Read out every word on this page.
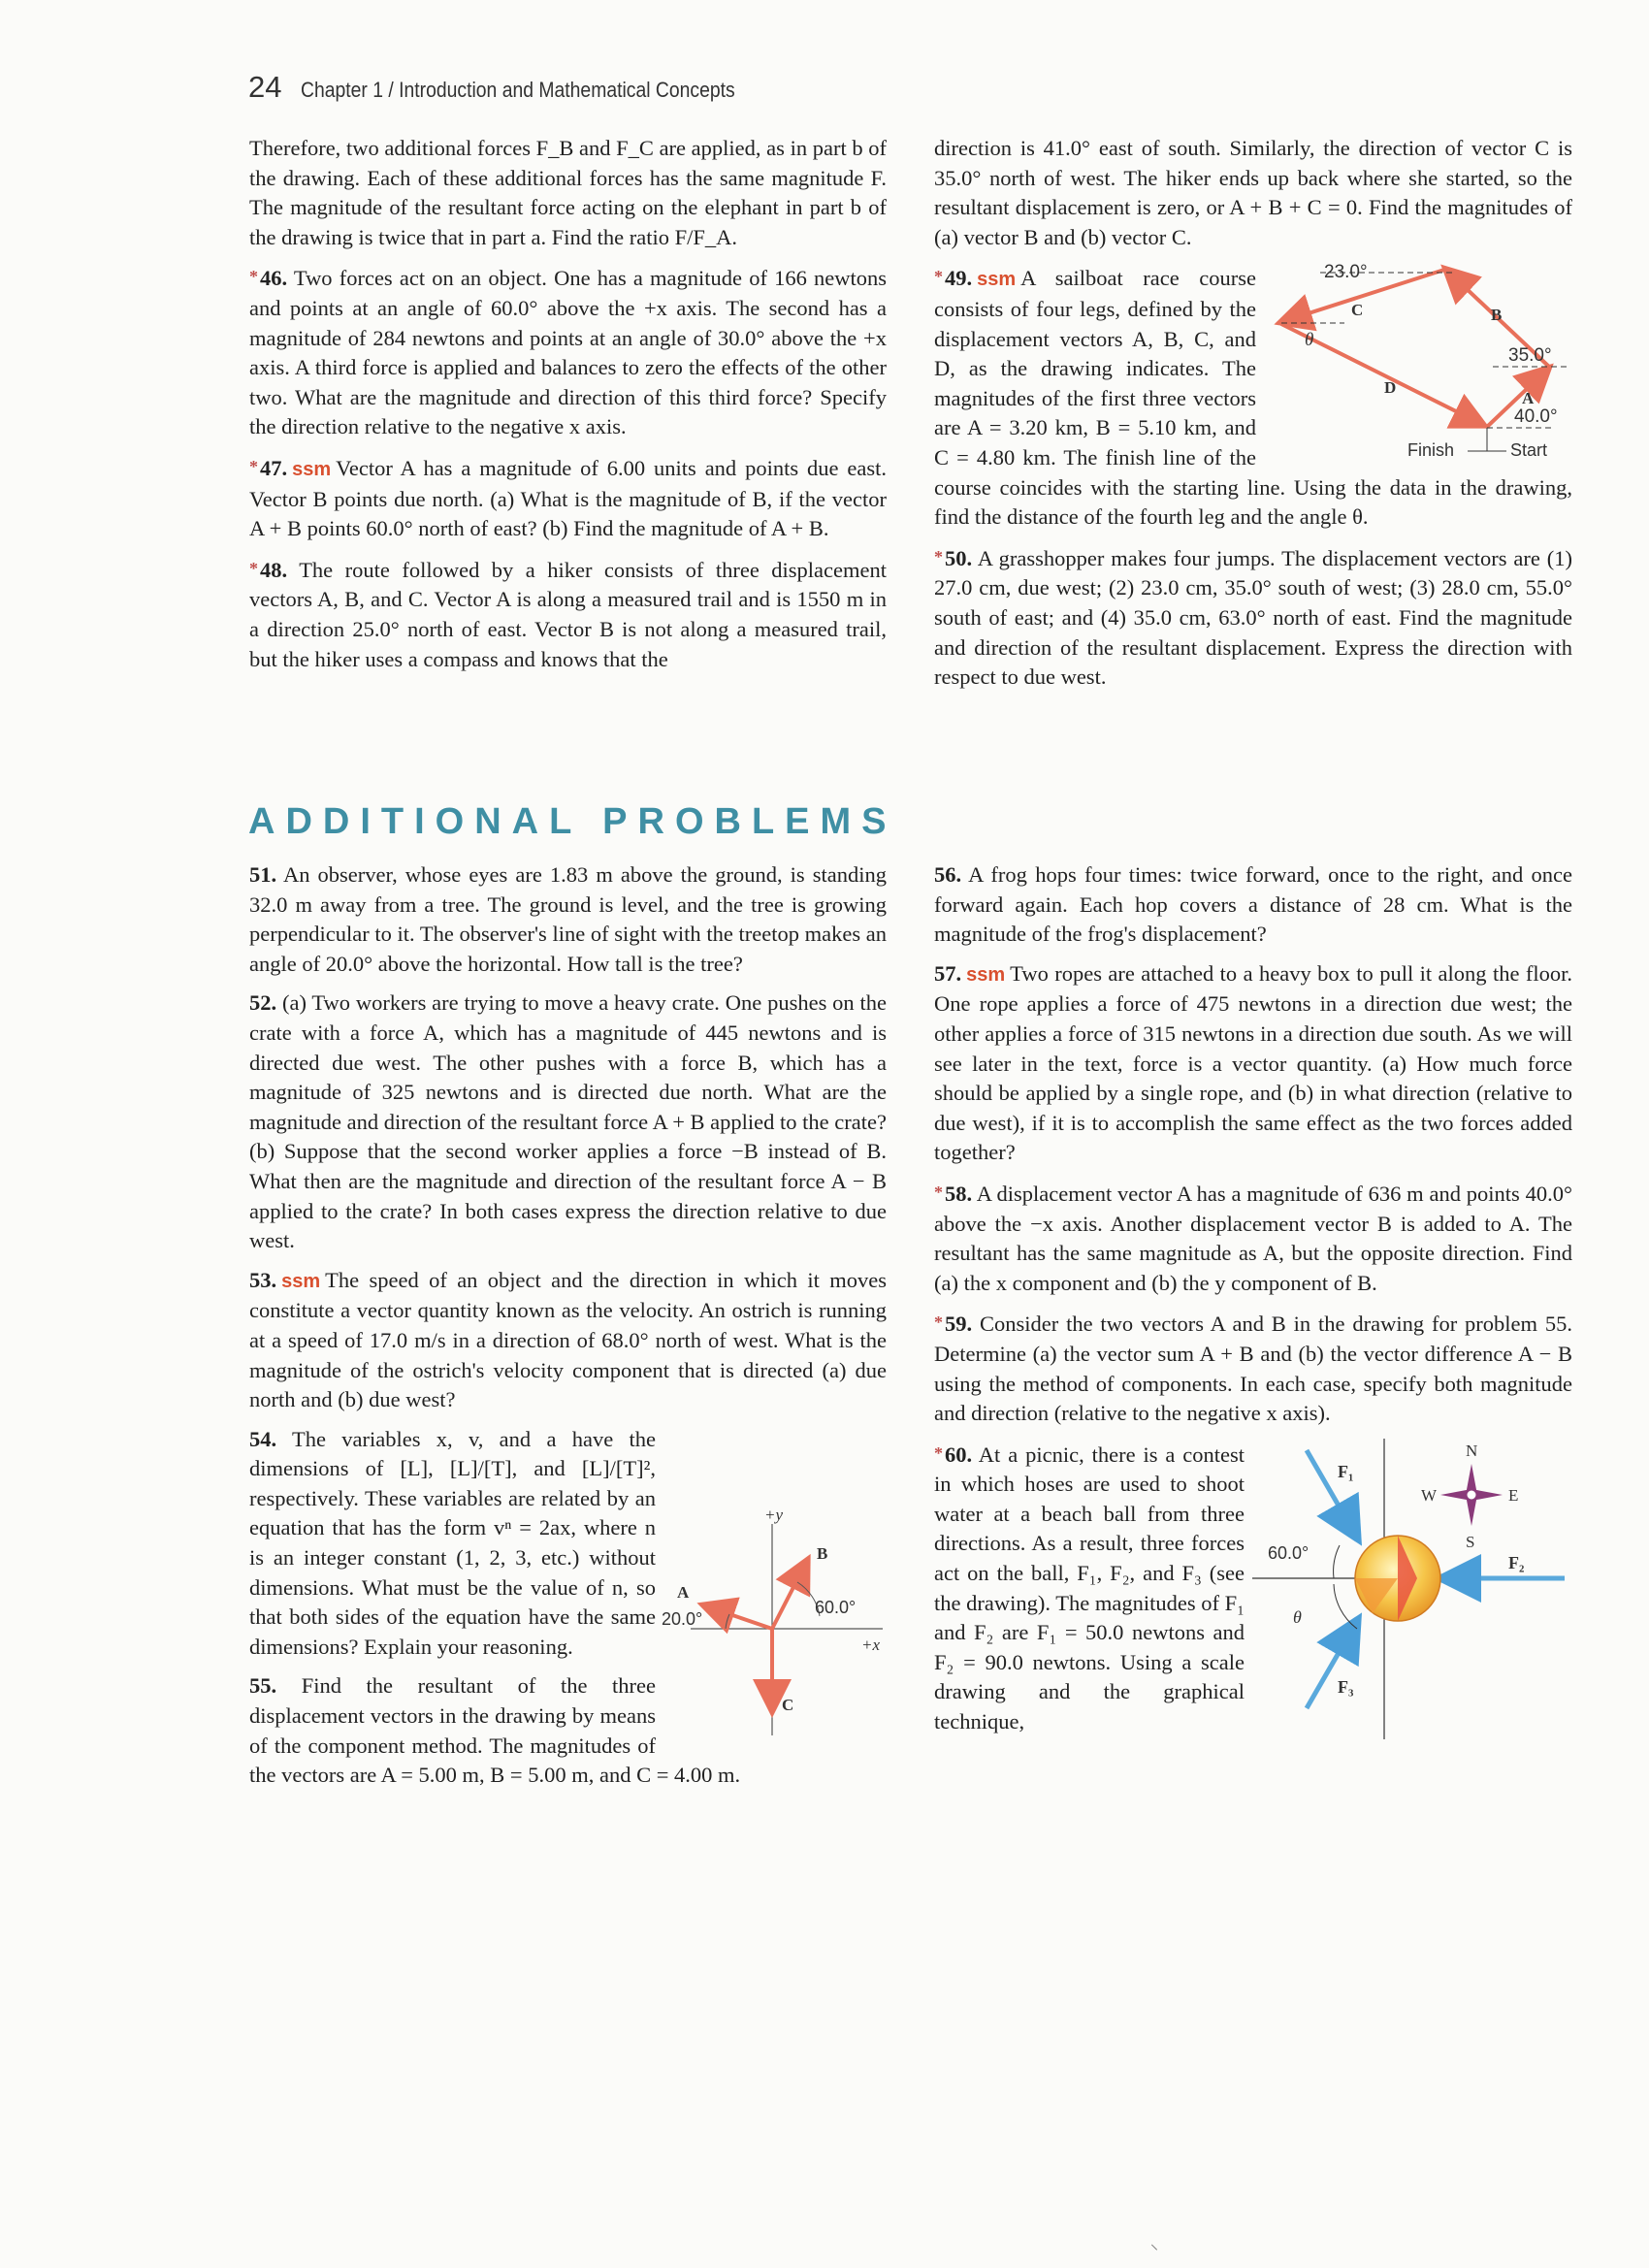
24 Chapter 1 / Introduction and Mathematical Concepts

Therefore, two additional forces F_B and F_C are applied, as in part b of the drawing. Each of these additional forces has the same magnitude F. The magnitude of the resultant force acting on the elephant in part b of the drawing is twice that in part a. Find the ratio F/F_A.

*46. Two forces act on an object. One has a magnitude of 166 newtons and points at an angle of 60.0° above the +x axis. The second has a magnitude of 284 newtons and points at an angle of 30.0° above the +x axis. A third force is applied and balances to zero the effects of the other two. What are the magnitude and direction of this third force? Specify the direction relative to the negative x axis.

*47. ssm Vector A has a magnitude of 6.00 units and points due east. Vector B points due north. (a) What is the magnitude of B, if the vector A + B points 60.0° north of east? (b) Find the magnitude of A + B.

*48. The route followed by a hiker consists of three displacement vectors A, B, and C. Vector A is along a measured trail and is 1550 m in a direction 25.0° north of east. Vector B is not along a measured trail, but the hiker uses a compass and knows that the

direction is 41.0° east of south. Similarly, the direction of vector C is 35.0° north of west. The hiker ends up back where she started, so the resultant displacement is zero, or A + B + C = 0. Find the magnitudes of (a) vector B and (b) vector C.

23.0°
35.0°
40.0°
θ
A
B
C
D
Finish	Start
*49. ssm A sailboat race course consists of four legs, defined by the displacement vectors A, B, C, and D, as the drawing indicates. The magnitudes of the first three vectors are A = 3.20 km, B = 5.10 km, and C = 4.80 km. The finish line of the course coincides with the starting line. Using the data in the drawing, find the distance of the fourth leg and the angle θ.

*50. A grasshopper makes four jumps. The displacement vectors are (1) 27.0 cm, due west; (2) 23.0 cm, 35.0° south of west; (3) 28.0 cm, 55.0° south of east; and (4) 35.0 cm, 63.0° north of east. Find the magnitude and direction of the resultant displacement. Express the direction with respect to due west.

ADDITIONAL PROBLEMS

51. An observer, whose eyes are 1.83 m above the ground, is standing 32.0 m away from a tree. The ground is level, and the tree is growing perpendicular to it. The observer's line of sight with the treetop makes an angle of 20.0° above the horizontal. How tall is the tree?

52. (a) Two workers are trying to move a heavy crate. One pushes on the crate with a force A, which has a magnitude of 445 newtons and is directed due west. The other pushes with a force B, which has a magnitude of 325 newtons and is directed due north. What are the magnitude and direction of the resultant force A + B applied to the crate? (b) Suppose that the second worker applies a force −B instead of B. What then are the magnitude and direction of the resultant force A − B applied to the crate? In both cases express the direction relative to due west.

53. ssm The speed of an object and the direction in which it moves constitute a vector quantity known as the velocity. An ostrich is running at a speed of 17.0 m/s in a direction of 68.0° north of west. What is the magnitude of the ostrich's velocity component that is directed (a) due north and (b) due west?

+y
+x
A
B
C
20.0°
60.0°

54. The variables x, v, and a have the dimensions of [L], [L]/[T], and [L]/[T]², respectively. These variables are related by an equation that has the form vⁿ = 2ax, where n is an integer constant (1, 2, 3, etc.) without dimensions. What must be the value of n, so that both sides of the equation have the same dimensions? Explain your reasoning.

55. Find the resultant of the three displacement vectors in the drawing by means of the component method. The magnitudes of the vectors are A = 5.00 m, B = 5.00 m, and C = 4.00 m.

56. A frog hops four times: twice forward, once to the right, and once forward again. Each hop covers a distance of 28 cm. What is the magnitude of the frog's displacement?

57. ssm Two ropes are attached to a heavy box to pull it along the floor. One rope applies a force of 475 newtons in a direction due west; the other applies a force of 315 newtons in a direction due south. As we will see later in the text, force is a vector quantity. (a) How much force should be applied by a single rope, and (b) in what direction (relative to due west), if it is to accomplish the same effect as the two forces added together?

*58. A displacement vector A has a magnitude of 636 m and points 40.0° above the −x axis. Another displacement vector B is added to A. The resultant has the same magnitude as A, but the opposite direction. Find (a) the x component and (b) the y component of B.

*59. Consider the two vectors A and B in the drawing for problem 55. Determine (a) the vector sum A + B and (b) the vector difference A − B using the method of components. In each case, specify both magnitude and direction (relative to the negative x axis).

N
S
E
W
F₁
F₂
F₃
60.0°
θ
*60. At a picnic, there is a contest in which hoses are used to shoot water at a beach ball from three directions. As a result, three forces act on the ball, F₁, F₂, and F₃ (see the drawing). The magnitudes of F₁ and F₂ are F₁ = 50.0 newtons and F₂ = 90.0 newtons. Using a scale drawing and the graphical technique,
⸌
